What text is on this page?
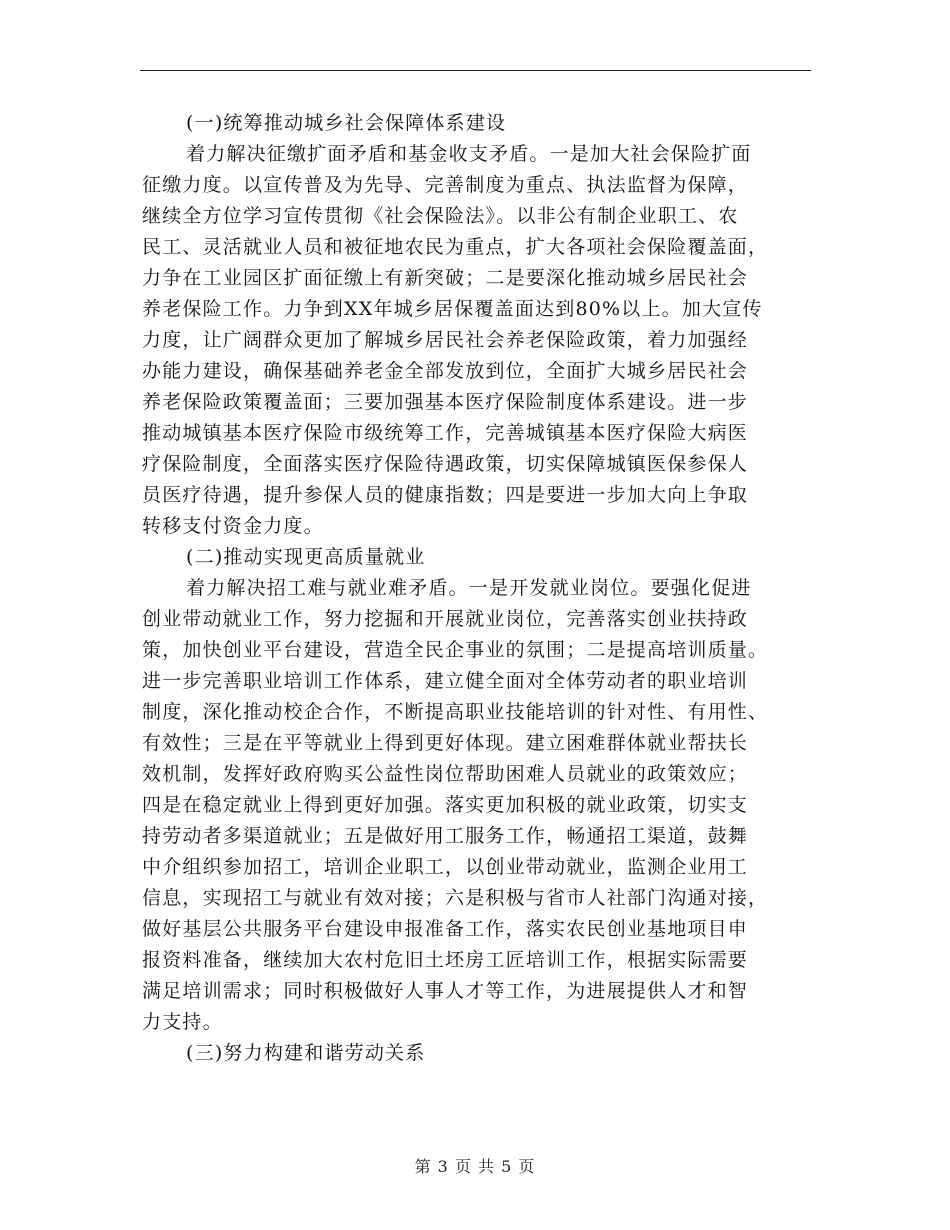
(一)统筹推动城乡社会保障体系建设
着力解决征缴扩面矛盾和基金收支矛盾。一是加大社会保险扩面
征缴力度。以宣传普及为先导、完善制度为重点、执法监督为保障，
继续全方位学习宣传贯彻《社会保险法》。以非公有制企业职工、农
民工、灵活就业人员和被征地农民为重点，扩大各项社会保险覆盖面，
力争在工业园区扩面征缴上有新突破；二是要深化推动城乡居民社会
养老保险工作。力争到XX年城乡居保覆盖面达到80%以上。加大宣传
力度，让广阔群众更加了解城乡居民社会养老保险政策，着力加强经
办能力建设，确保基础养老金全部发放到位，全面扩大城乡居民社会
养老保险政策覆盖面；三要加强基本医疗保险制度体系建设。进一步
推动城镇基本医疗保险市级统筹工作，完善城镇基本医疗保险大病医
疗保险制度，全面落实医疗保险待遇政策，切实保障城镇医保参保人
员医疗待遇，提升参保人员的健康指数；四是要进一步加大向上争取
转移支付资金力度。
(二)推动实现更高质量就业
着力解决招工难与就业难矛盾。一是开发就业岗位。要强化促进
创业带动就业工作，努力挖掘和开展就业岗位，完善落实创业扶持政
策，加快创业平台建设，营造全民企事业的氛围；二是提高培训质量。
进一步完善职业培训工作体系，建立健全面对全体劳动者的职业培训
制度，深化推动校企合作，不断提高职业技能培训的针对性、有用性、
有效性；三是在平等就业上得到更好体现。建立困难群体就业帮扶长
效机制，发挥好政府购买公益性岗位帮助困难人员就业的政策效应；
四是在稳定就业上得到更好加强。落实更加积极的就业政策，切实支
持劳动者多渠道就业；五是做好用工服务工作，畅通招工渠道，鼓舞
中介组织参加招工，培训企业职工，以创业带动就业，监测企业用工
信息，实现招工与就业有效对接；六是积极与省市人社部门沟通对接，
做好基层公共服务平台建设申报准备工作，落实农民创业基地项目申
报资料准备，继续加大农村危旧土坯房工匠培训工作，根据实际需要
满足培训需求；同时积极做好人事人才等工作，为进展提供人才和智
力支持。
(三)努力构建和谐劳动关系
第 3 页 共 5 页
